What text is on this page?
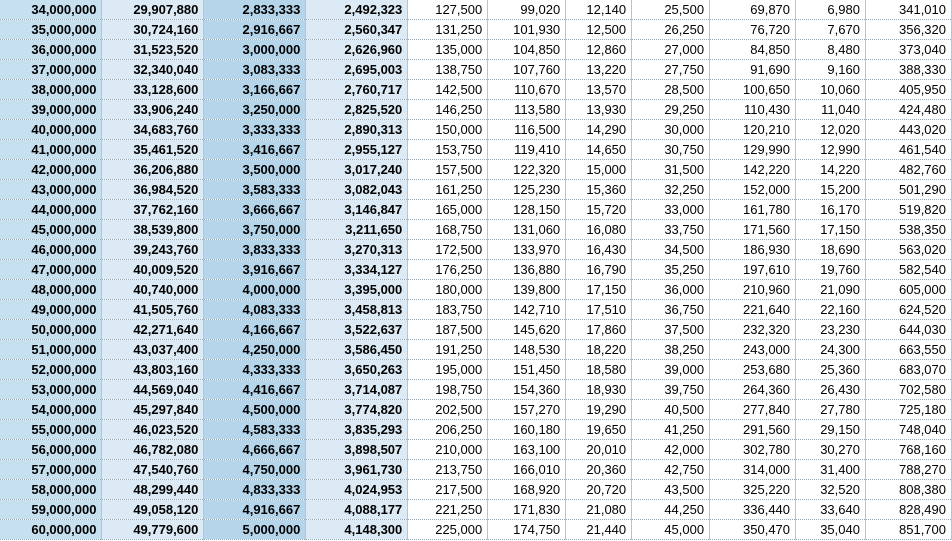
34,000,000	29,907,880	2,833,333	2,492,323	127,500	99,020	12,140	25,500	69,870	6,980	341,010
35,000,000	30,724,160	2,916,667	2,560,347	131,250	101,930	12,500	26,250	76,720	7,670	356,320
36,000,000	31,523,520	3,000,000	2,626,960	135,000	104,850	12,860	27,000	84,850	8,480	373,040
37,000,000	32,340,040	3,083,333	2,695,003	138,750	107,760	13,220	27,750	91,690	9,160	388,330
38,000,000	33,128,600	3,166,667	2,760,717	142,500	110,670	13,570	28,500	100,650	10,060	405,950
39,000,000	33,906,240	3,250,000	2,825,520	146,250	113,580	13,930	29,250	110,430	11,040	424,480
40,000,000	34,683,760	3,333,333	2,890,313	150,000	116,500	14,290	30,000	120,210	12,020	443,020
41,000,000	35,461,520	3,416,667	2,955,127	153,750	119,410	14,650	30,750	129,990	12,990	461,540
42,000,000	36,206,880	3,500,000	3,017,240	157,500	122,320	15,000	31,500	142,220	14,220	482,760
43,000,000	36,984,520	3,583,333	3,082,043	161,250	125,230	15,360	32,250	152,000	15,200	501,290
44,000,000	37,762,160	3,666,667	3,146,847	165,000	128,150	15,720	33,000	161,780	16,170	519,820
45,000,000	38,539,800	3,750,000	3,211,650	168,750	131,060	16,080	33,750	171,560	17,150	538,350
46,000,000	39,243,760	3,833,333	3,270,313	172,500	133,970	16,430	34,500	186,930	18,690	563,020
47,000,000	40,009,520	3,916,667	3,334,127	176,250	136,880	16,790	35,250	197,610	19,760	582,540
48,000,000	40,740,000	4,000,000	3,395,000	180,000	139,800	17,150	36,000	210,960	21,090	605,000
49,000,000	41,505,760	4,083,333	3,458,813	183,750	142,710	17,510	36,750	221,640	22,160	624,520
50,000,000	42,271,640	4,166,667	3,522,637	187,500	145,620	17,860	37,500	232,320	23,230	644,030
51,000,000	43,037,400	4,250,000	3,586,450	191,250	148,530	18,220	38,250	243,000	24,300	663,550
52,000,000	43,803,160	4,333,333	3,650,263	195,000	151,450	18,580	39,000	253,680	25,360	683,070
53,000,000	44,569,040	4,416,667	3,714,087	198,750	154,360	18,930	39,750	264,360	26,430	702,580
54,000,000	45,297,840	4,500,000	3,774,820	202,500	157,270	19,290	40,500	277,840	27,780	725,180
55,000,000	46,023,520	4,583,333	3,835,293	206,250	160,180	19,650	41,250	291,560	29,150	748,040
56,000,000	46,782,080	4,666,667	3,898,507	210,000	163,100	20,010	42,000	302,780	30,270	768,160
57,000,000	47,540,760	4,750,000	3,961,730	213,750	166,010	20,360	42,750	314,000	31,400	788,270
58,000,000	48,299,440	4,833,333	4,024,953	217,500	168,920	20,720	43,500	325,220	32,520	808,380
59,000,000	49,058,120	4,916,667	4,088,177	221,250	171,830	21,080	44,250	336,440	33,640	828,490
60,000,000	49,779,600	5,000,000	4,148,300	225,000	174,750	21,440	45,000	350,470	35,040	851,700
